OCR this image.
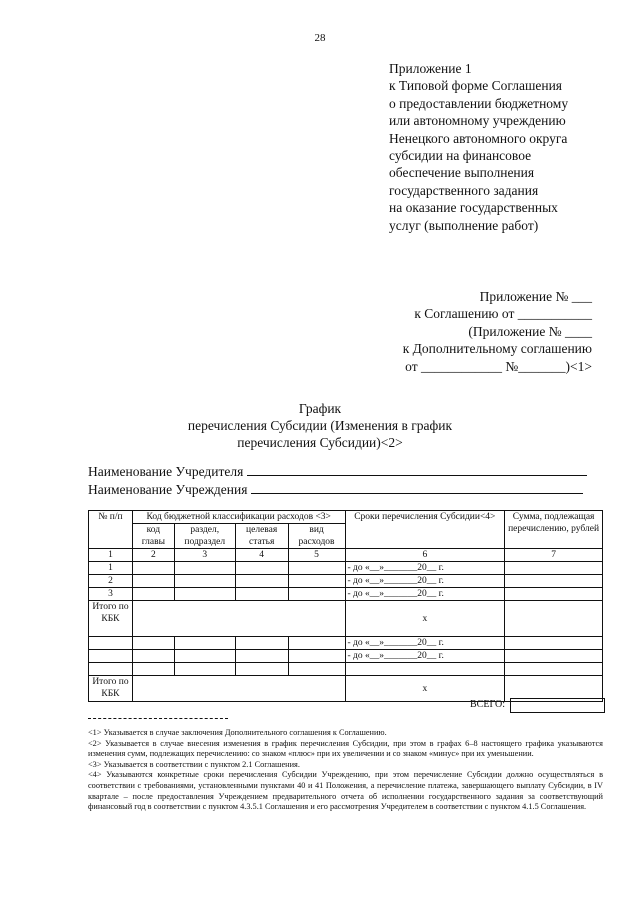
28
Приложение 1
к Типовой форме Соглашения
о предоставлении бюджетному
или автономному учреждению
Ненецкого автономного округа
субсидии на финансовое
обеспечение выполнения
государственного задания
на оказание государственных
услуг (выполнение работ)
Приложение № ___
к Соглашению от ___________
(Приложение № ____
к Дополнительному соглашению
от ____________ №_______)<1>
График
перечисления Субсидии (Изменения в график
перечисления Субсидии)<2>
Наименование Учредителя
Наименование Учреждения
№ п/п	Код бюджетной классификации расходов <3>				Сроки перечисления Субсидии<4>	Сумма, подлежащая перечислению, рублей
	код главы	раздел, подраздел	целевая статья	вид расходов		
1	2	3	4	5	6	7
1					- до «__»_______20__ г.	
2					- до «__»_______20__ г.	
3					- до «__»_______20__ г.	
Итого по КБК					х	
					- до «__»_______20__ г.	
					- до «__»_______20__ г.	

Итого по КБК					х	
ВСЕГО:

<1> Указывается в случае заключения Дополнительного соглашения к Соглашению.

<2> Указывается в случае внесения изменения в график перечисления Субсидии, при этом в графах 6–8 настоящего графика указываются изменения сумм, подлежащих перечислению: со знаком «плюс» при их увеличении и со знаком «минус» при их уменьшении.

<3> Указывается в соответствии с пунктом 2.1 Соглашения.

<4> Указываются конкретные сроки перечисления Субсидии Учреждению, при этом перечисление Субсидии должно осуществляться в соответствии с требованиями, установленными пунктами 40 и 41 Положения, а перечисление платежа, завершающего выплату Субсидии, в IV квартале – после предоставления Учреждением предварительного отчета об исполнении государственного задания за соответствующий финансовый год в соответствии с пунктом 4.3.5.1 Соглашения и его рассмотрения Учредителем в соответствии с пунктом 4.1.5 Соглашения.
